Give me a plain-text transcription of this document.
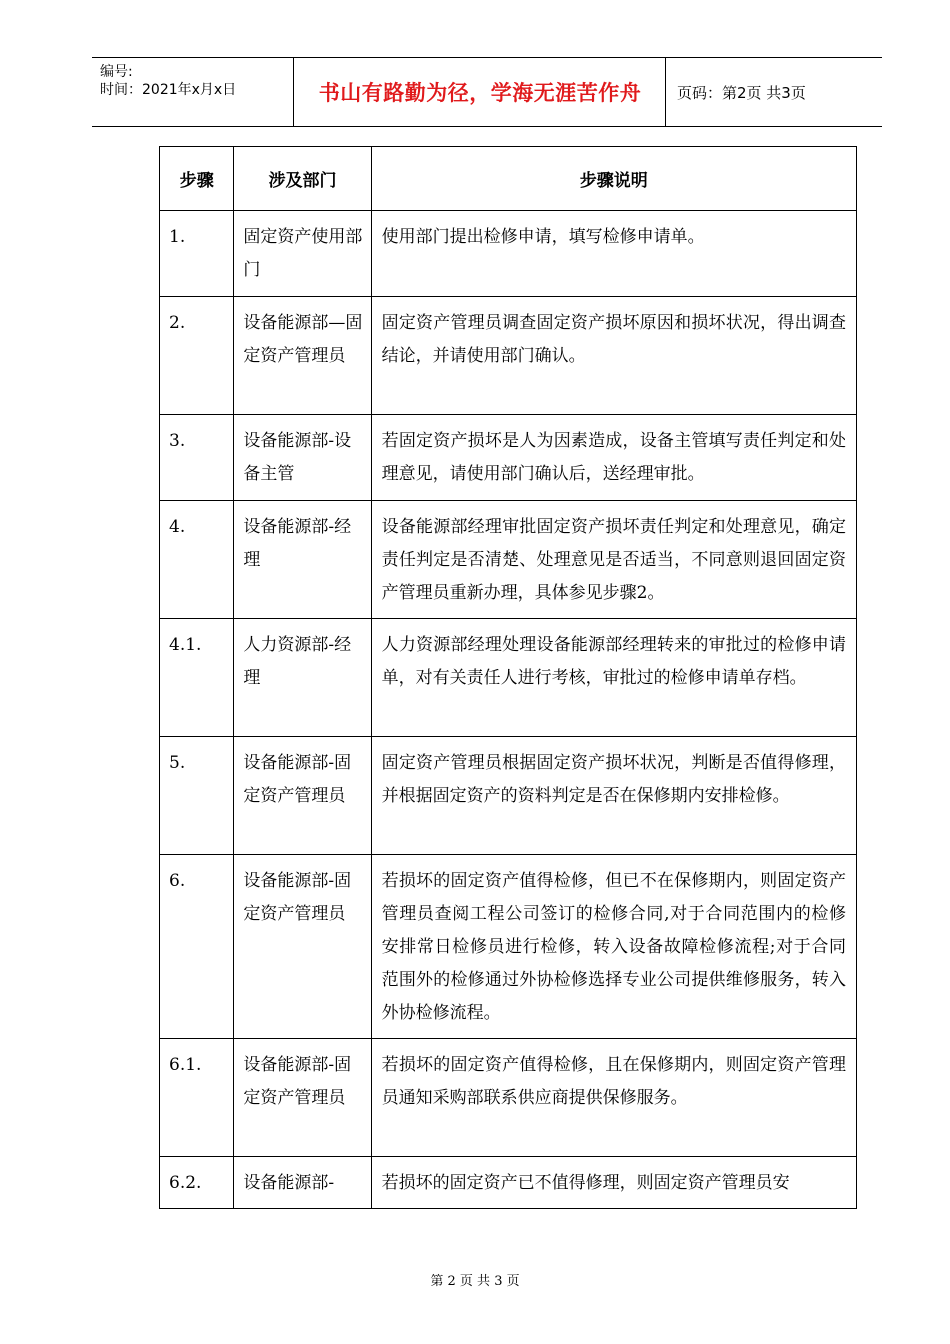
编号:
时间：2021年x月x日	书山有路勤为径，学海无涯苦作舟	页码：第2页 共3页
步骤	涉及部门	步骤说明
1.	固定资产使用部门	使用部门提出检修申请，填写检修申请单。
2.	设备能源部—固定资产管理员	固定资产管理员调查固定资产损坏原因和损坏状况，得出调查结论，并请使用部门确认。
3.	设备能源部-设备主管	若固定资产损坏是人为因素造成，设备主管填写责任判定和处理意见，请使用部门确认后，送经理审批。
4.	设备能源部-经理	设备能源部经理审批固定资产损坏责任判定和处理意见，确定责任判定是否清楚、处理意见是否适当，不同意则退回固定资产管理员重新办理，具体参见步骤2。
4.1.	人力资源部-经理	人力资源部经理处理设备能源部经理转来的审批过的检修申请单，对有关责任人进行考核，审批过的检修申请单存档。
5.	设备能源部-固定资产管理员	固定资产管理员根据固定资产损坏状况，判断是否值得修理，并根据固定资产的资料判定是否在保修期内安排检修。
6.	设备能源部-固定资产管理员	若损坏的固定资产值得检修，但已不在保修期内，则固定资产管理员查阅工程公司签订的检修合同,对于合同范围内的检修安排常日检修员进行检修，转入设备故障检修流程;对于合同范围外的检修通过外协检修选择专业公司提供维修服务，转入外协检修流程。
6.1.	设备能源部-固定资产管理员	若损坏的固定资产值得检修，且在保修期内，则固定资产管理员通知采购部联系供应商提供保修服务。
6.2.	设备能源部-	若损坏的固定资产已不值得修理，则固定资产管理员安
第 2 页 共 3 页
